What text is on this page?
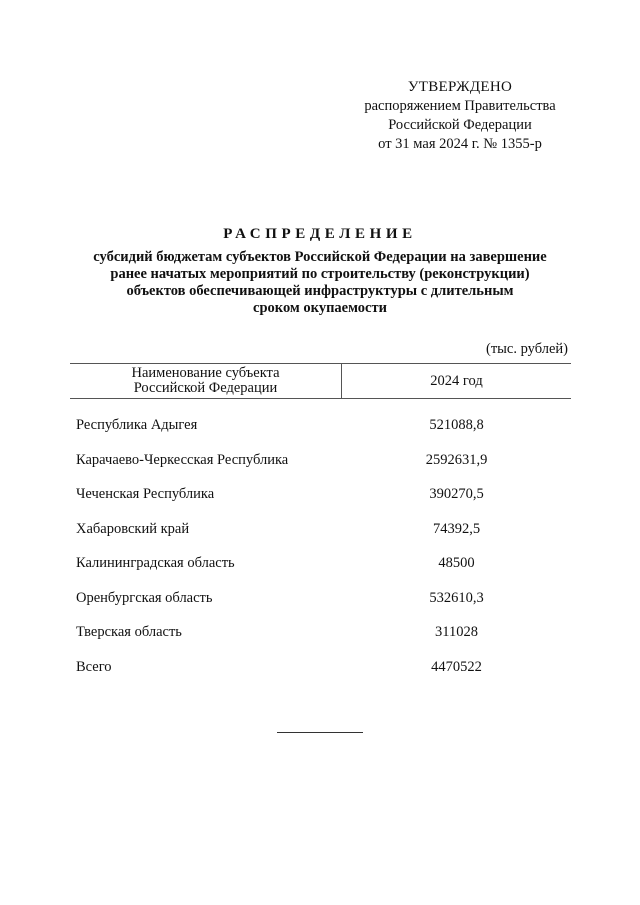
УТВЕРЖДЕНО
распоряжением Правительства
Российской Федерации
от 31 мая 2024 г. № 1355-р
РАСПРЕДЕЛЕНИЕ
субсидий бюджетам субъектов Российской Федерации на завершение
ранее начатых мероприятий по строительству (реконструкции)
объектов обеспечивающей инфраструктуры с длительным
сроком окупаемости
(тыс. рублей)
Наименование субъекта
Российской Федерации	2024 год
Республика Адыгея	521088,8
Карачаево-Черкесская Республика	2592631,9
Чеченская Республика	390270,5
Хабаровский край	74392,5
Калининградская область	48500
Оренбургская область	532610,3
Тверская область	311028
Всего	4470522
